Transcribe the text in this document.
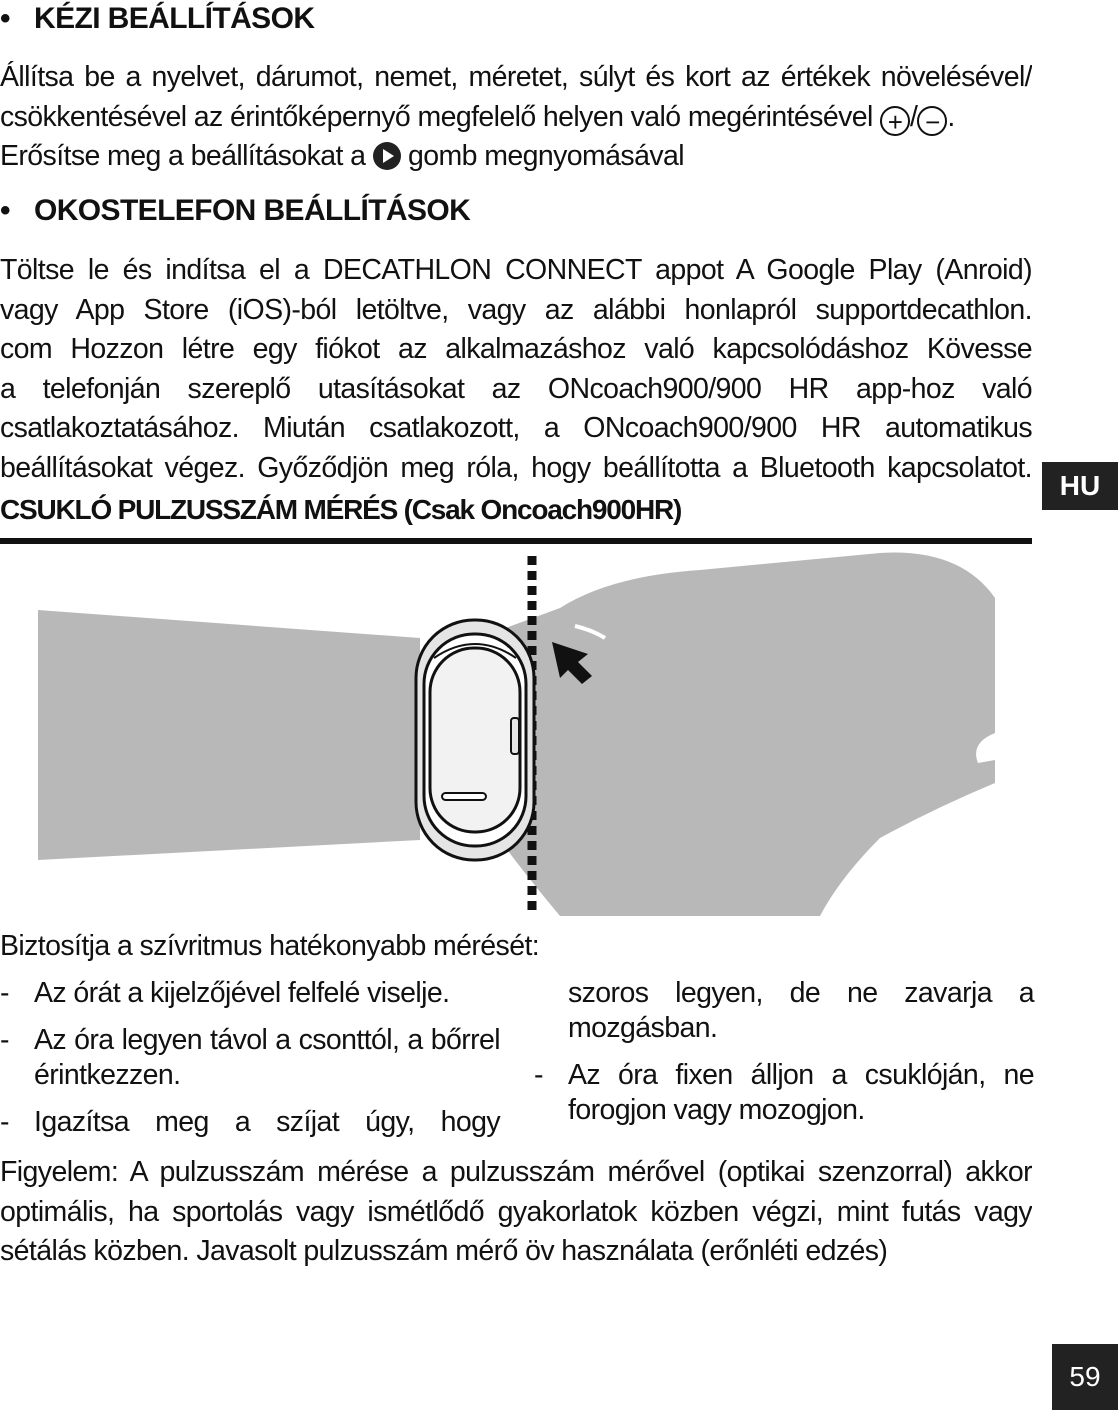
• KÉZI BEÁLLÍTÁSOK
Állítsa be a nyelvet, dárumot, nemet, méretet, súlyt és kort az értékek növelésével/
csökkentésével az érintőképernyő megfelelő helyen való megérintésével + / − .
Erősítse meg a beállításokat a gomb megnyomásával
• OKOSTELEFON BEÁLLÍTÁSOK
Töltse le és indítsa el a DECATHLON CONNECT appot A Google Play (Anroid)
vagy App Store (iOS)-ból letöltve, vagy az alábbi honlapról supportdecathlon.
com Hozzon létre egy fiókot az alkalmazáshoz való kapcsolódáshoz Kövesse
a telefonján szereplő utasításokat az ONcoach900/900 HR app-hoz való
csatlakoztatásához. Miután csatlakozott, a ONcoach900/900 HR automatikus
beállításokat végez. Győződjön meg róla, hogy beállította a Bluetooth kapcsolatot.
HU
CSUKLÓ PULZUSSZÁM MÉRÉS (Csak Oncoach900HR)
Biztosítja a szívritmus hatékonyabb mérését:
- Az órát a kijelzőjével felfelé viselje.
- Az óra legyen távol a csonttól, a bőrrel érintkezzen.
- Igazítsa meg a szíjat úgy, hogy
szoros legyen, de ne zavarja a mozgásban.
- Az óra fixen álljon a csuklóján, ne forogjon vagy mozogjon.
Figyelem: A pulzusszám mérése a pulzusszám mérővel (optikai szenzorral) akkor
optimális, ha sportolás vagy ismétlődő gyakorlatok közben végzi, mint futás vagy
sétálás közben. Javasolt pulzusszám mérő öv használata (erőnléti edzés)
59
